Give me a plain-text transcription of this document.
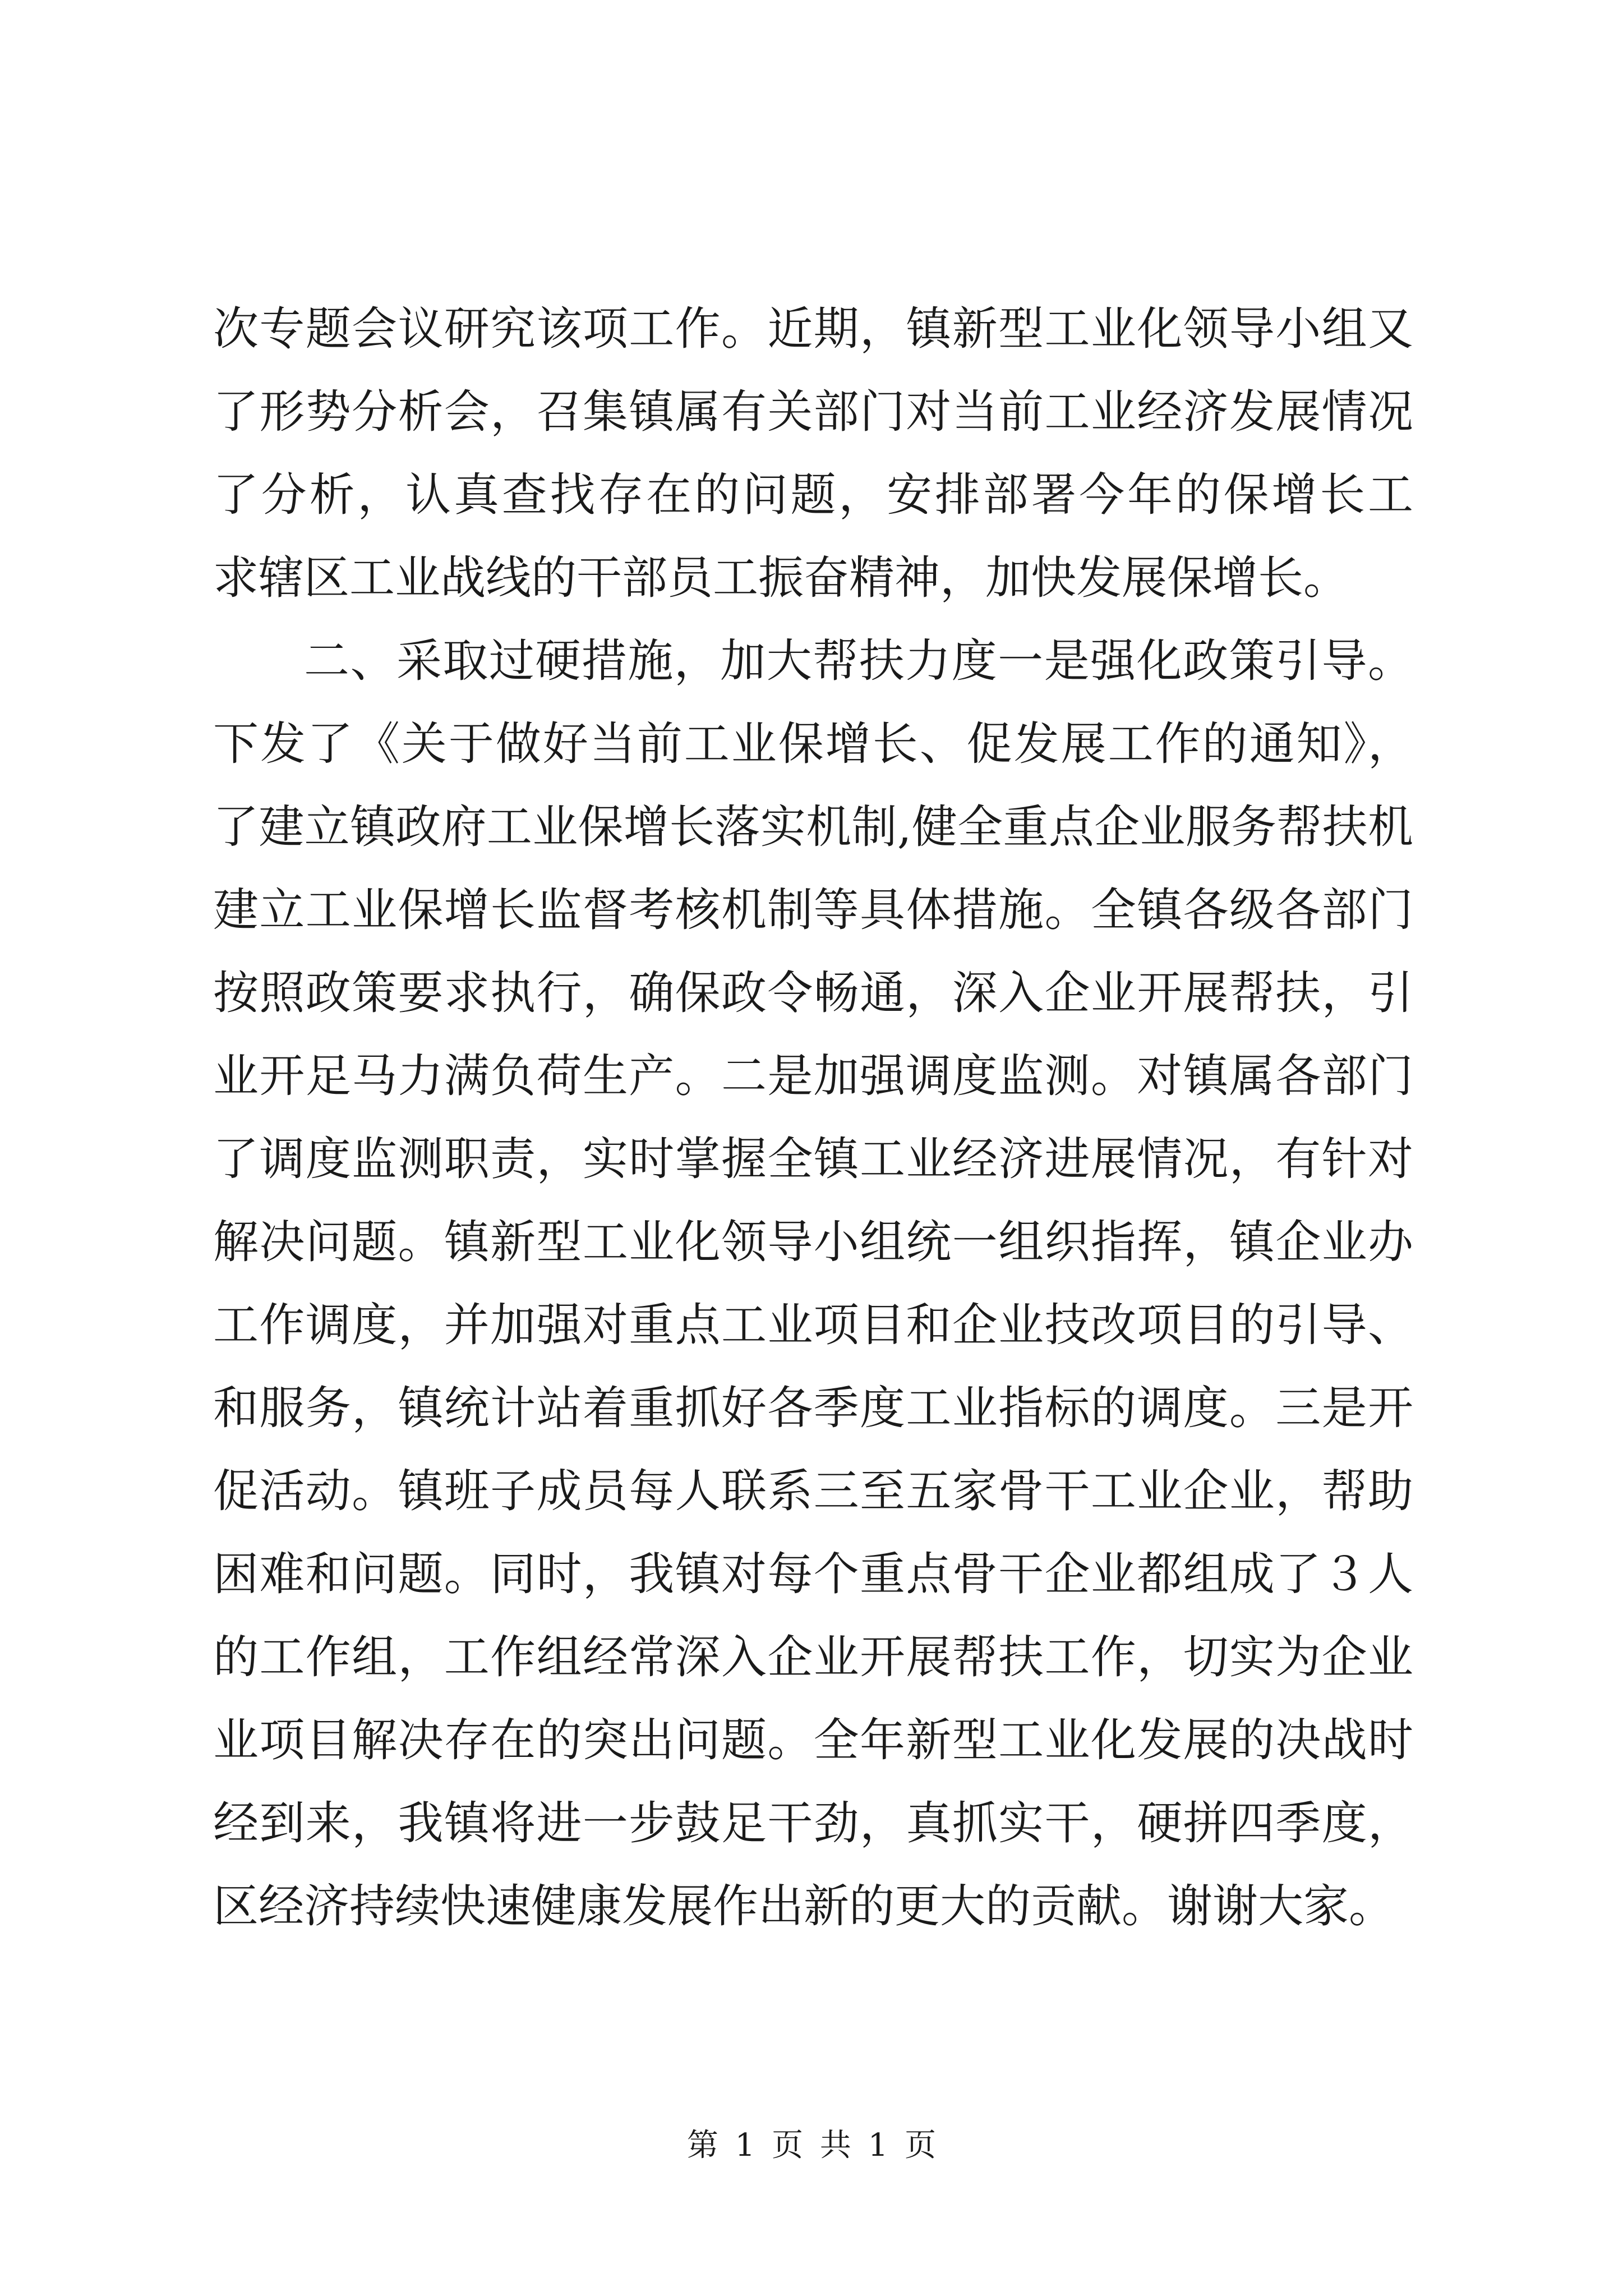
次专题会议研究该项工作。近期，镇新型工业化领导小组又
了形势分析会，召集镇属有关部门对当前工业经济发展情况
了分析，认真查找存在的问题，安排部署今年的保增长工
求辖区工业战线的干部员工振奋精神，加快发展保增长。
二、采取过硬措施，加大帮扶力度一是强化政策引导。
下发了《关于做好当前工业保增长、促发展工作的通知》，
了建立镇政府工业保增长落实机制,健全重点企业服务帮扶机
建立工业保增长监督考核机制等具体措施。全镇各级各部门
按照政策要求执行，确保政令畅通，深入企业开展帮扶，引
业开足马力满负荷生产。二是加强调度监测。对镇属各部门
了调度监测职责，实时掌握全镇工业经济进展情况，有针对
解决问题。镇新型工业化领导小组统一组织指挥，镇企业办
工作调度，并加强对重点工业项目和企业技改项目的引导、
和服务，镇统计站着重抓好各季度工业指标的调度。三是开
促活动。镇班子成员每人联系三至五家骨干工业企业，帮助
困难和问题。同时，我镇对每个重点骨干企业都组成了３人
的工作组，工作组经常深入企业开展帮扶工作，切实为企业
业项目解决存在的突出问题。全年新型工业化发展的决战时
经到来，我镇将进一步鼓足干劲，真抓实干，硬拼四季度，
区经济持续快速健康发展作出新的更大的贡献。谢谢大家。
第 1 页 共 1 页
